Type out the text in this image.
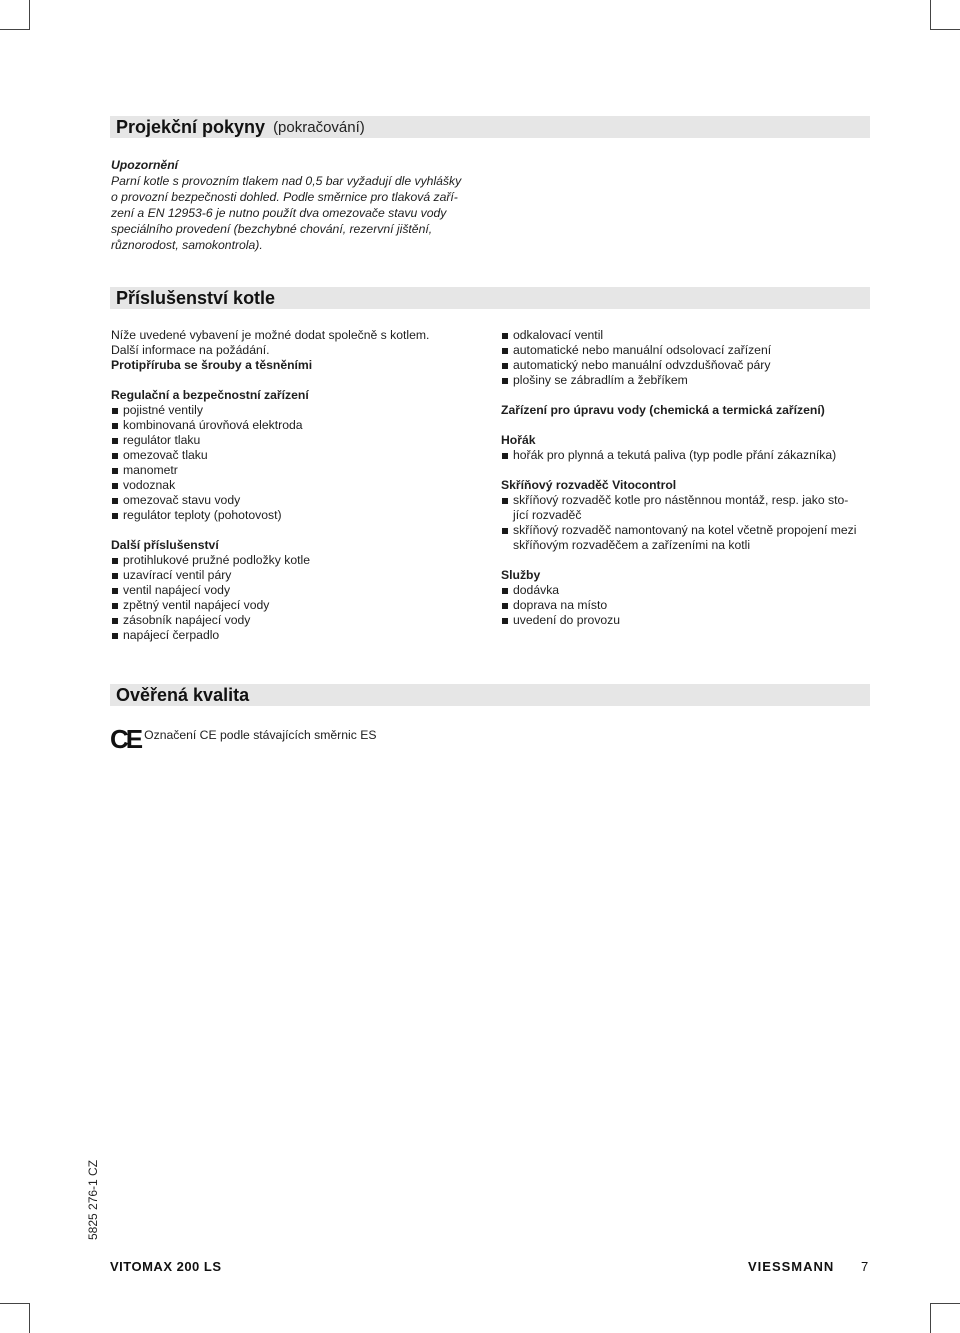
Projekční pokyny (pokračování)
Upozornění
Parní kotle s provozním tlakem nad 0,5 bar vyžadují dle vyhlášky
o provozní bezpečnosti dohled. Podle směrnice pro tlaková zaří-
zení a EN 12953-6 je nutno použít dva omezovače stavu vody
speciálního provedení (bezchybné chování, rezervní jištění,
různorodost, samokontrola).
Příslušenství kotle

Níže uvedené vybavení je možné dodat společně s kotlem.

Další informace na požádání.

Protipříruba se šrouby a těsněními

Regulační a bezpečnostní zařízení

pojistné ventily

kombinovaná úrovňová elektroda

regulátor tlaku

omezovač tlaku

manometr

vodoznak

omezovač stavu vody

regulátor teploty (pohotovost)

Další příslušenství

protihlukové pružné podložky kotle

uzavírací ventil páry

ventil napájecí vody

zpětný ventil napájecí vody

zásobník napájecí vody

napájecí čerpadlo

odkalovací ventil

automatické nebo manuální odsolovací zařízení

automatický nebo manuální odvzdušňovač páry

plošiny se zábradlím a žebříkem

Zařízení pro úpravu vody (chemická a termická zařízení)

Hořák

hořák pro plynná a tekutá paliva (typ podle přání zákazníka)

Skříňový rozvaděč Vitocontrol

skříňový rozvaděč kotle pro nástěnnou montáž, resp. jako sto-
jící rozvaděč

skříňový rozvaděč namontovaný na kotel včetně propojení mezi
skříňovým rozvaděčem a zařízeními na kotli

Služby

dodávka

doprava na místo

uvedení do provozu

Ověřená kvalita
CE Označení CE podle stávajících směrnic ES
5825 276-1 CZ
VITOMAX 200 LS	VIESSMANN 7
